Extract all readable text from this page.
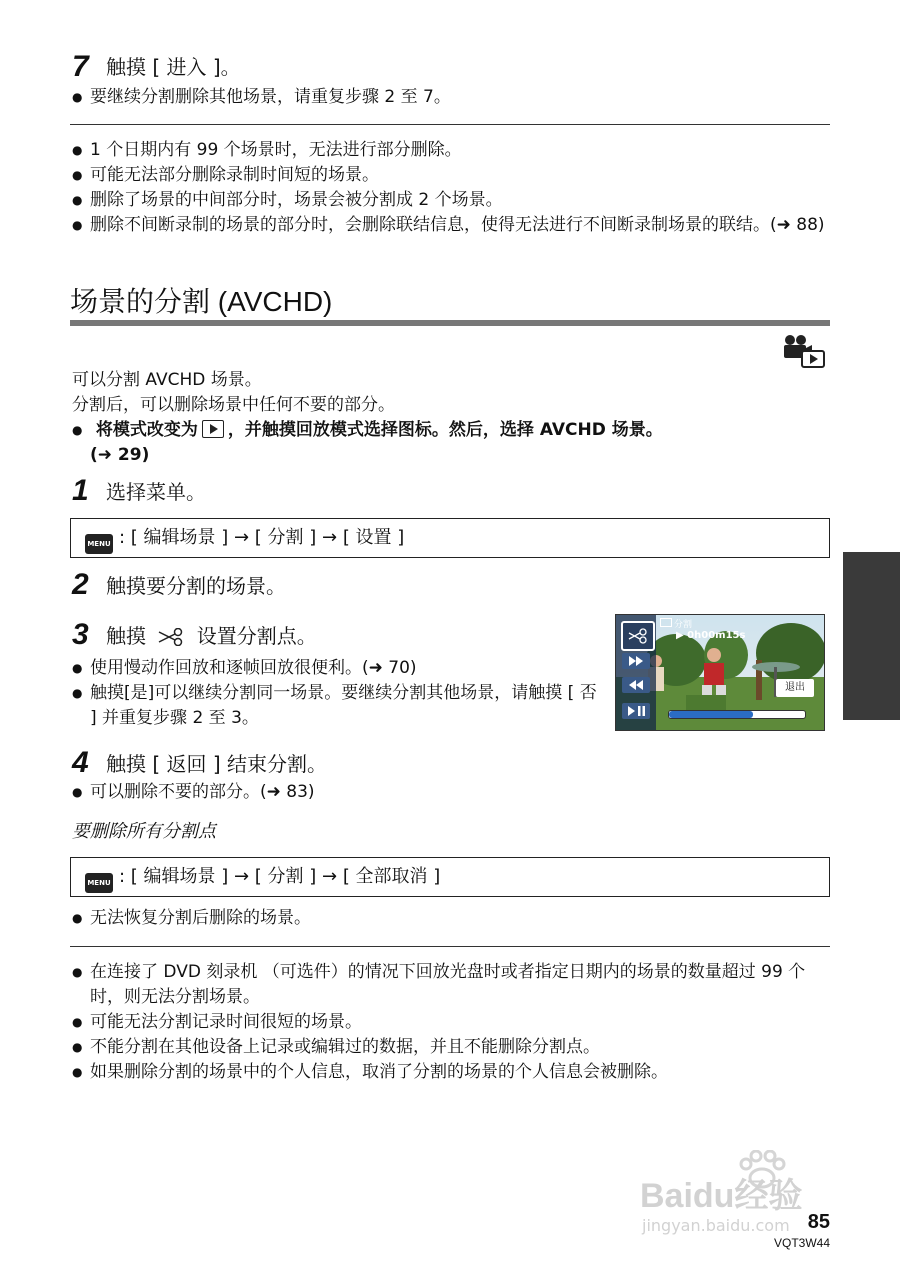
7 触摸 [ 进入 ]。
● 要继续分割删除其他场景，请重复步骤 2 至 7。
● 1 个日期内有 99 个场景时，无法进行部分删除。
● 可能无法部分删除录制时间短的场景。
● 删除了场景的中间部分时，场景会被分割成 2 个场景。
● 删除不间断录制的场景的部分时，会删除联结信息，使得无法进行不间断录制场景的联结。(➜ 88)
场景的分割 (AVCHD)
可以分割 AVCHD 场景。
分割后，可以删除场景中任何不要的部分。
● 将模式改变为 ，并触摸回放模式选择图标。然后，选择 AVCHD 场景。
(➜ 29)
1 选择菜单。
MENU : [ 编辑场景 ] → [ 分割 ] → [ 设置 ]
2 触摸要分割的场景。
3 触摸	设置分割点。
● 使用慢动作回放和逐帧回放很便利。(➜ 70)
● 触摸[是]可以继续分割同一场景。要继续分割其他场景，请触摸 [ 否 ] 并重复步骤 2 至 3。
分割
▶ 0h00m15s
退出
4 触摸 [ 返回 ] 结束分割。
● 可以删除不要的部分。(➜ 83)
要删除所有分割点
MENU : [ 编辑场景 ] → [ 分割 ] → [ 全部取消 ]
● 无法恢复分割后删除的场景。
● 在连接了 DVD 刻录机 （可选件）的情况下回放光盘时或者指定日期内的场景的数量超过 99 个时，则无法分割场景。
● 可能无法分割记录时间很短的场景。
● 不能分割在其他设备上记录或编辑过的数据，并且不能删除分割点。
● 如果删除分割的场景中的个人信息，取消了分割的场景的个人信息会被删除。
Baidu经验
jingyan.baidu.com 85
VQT3W44
